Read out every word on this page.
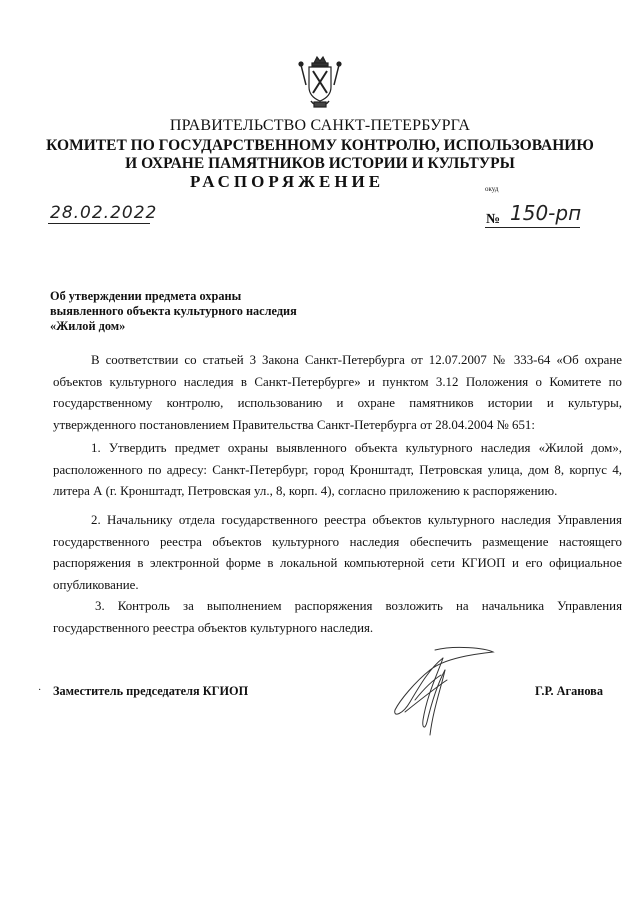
ПРАВИТЕЛЬСТВО САНКТ-ПЕТЕРБУРГА
КОМИТЕТ ПО ГОСУДАРСТВЕННОМУ КОНТРОЛЮ, ИСПОЛЬЗОВАНИЮ
И ОХРАНЕ ПАМЯТНИКОВ ИСТОРИИ И КУЛЬТУРЫ
РАСПОРЯЖЕНИЕ	окуд
28.02.2022	№ 150-рп
Об утверждении предмета охраны
выявленного объекта культурного наследия
«Жилой дом»
В соответствии со статьей 3 Закона Санкт-Петербурга от 12.07.2007 № 333-64 «Об охране
объектов культурного наследия в Санкт-Петербурге» и пунктом 3.12 Положения о Комитете по
государственному контролю, использованию и охране памятников истории и культуры,
утвержденного постановлением Правительства Санкт-Петербурга от 28.04.2004 № 651:
1. Утвердить предмет охраны выявленного объекта культурного наследия «Жилой дом»,
расположенного по адресу: Санкт-Петербург, город Кронштадт, Петровская улица, дом 8, корпус 4,
литера А (г. Кронштадт, Петровская ул., 8, корп. 4), согласно приложению к распоряжению.
2. Начальнику отдела государственного реестра объектов культурного наследия Управления
государственного реестра объектов культурного наследия обеспечить размещение настоящего
распоряжения в электронной форме в локальной компьютерной сети КГИОП и его официальное
опубликование.
3. Контроль за выполнением распоряжения возложить на начальника Управления
государственного реестра объектов культурного наследия.
· Заместитель председателя КГИОП	Г.Р. Аганова
